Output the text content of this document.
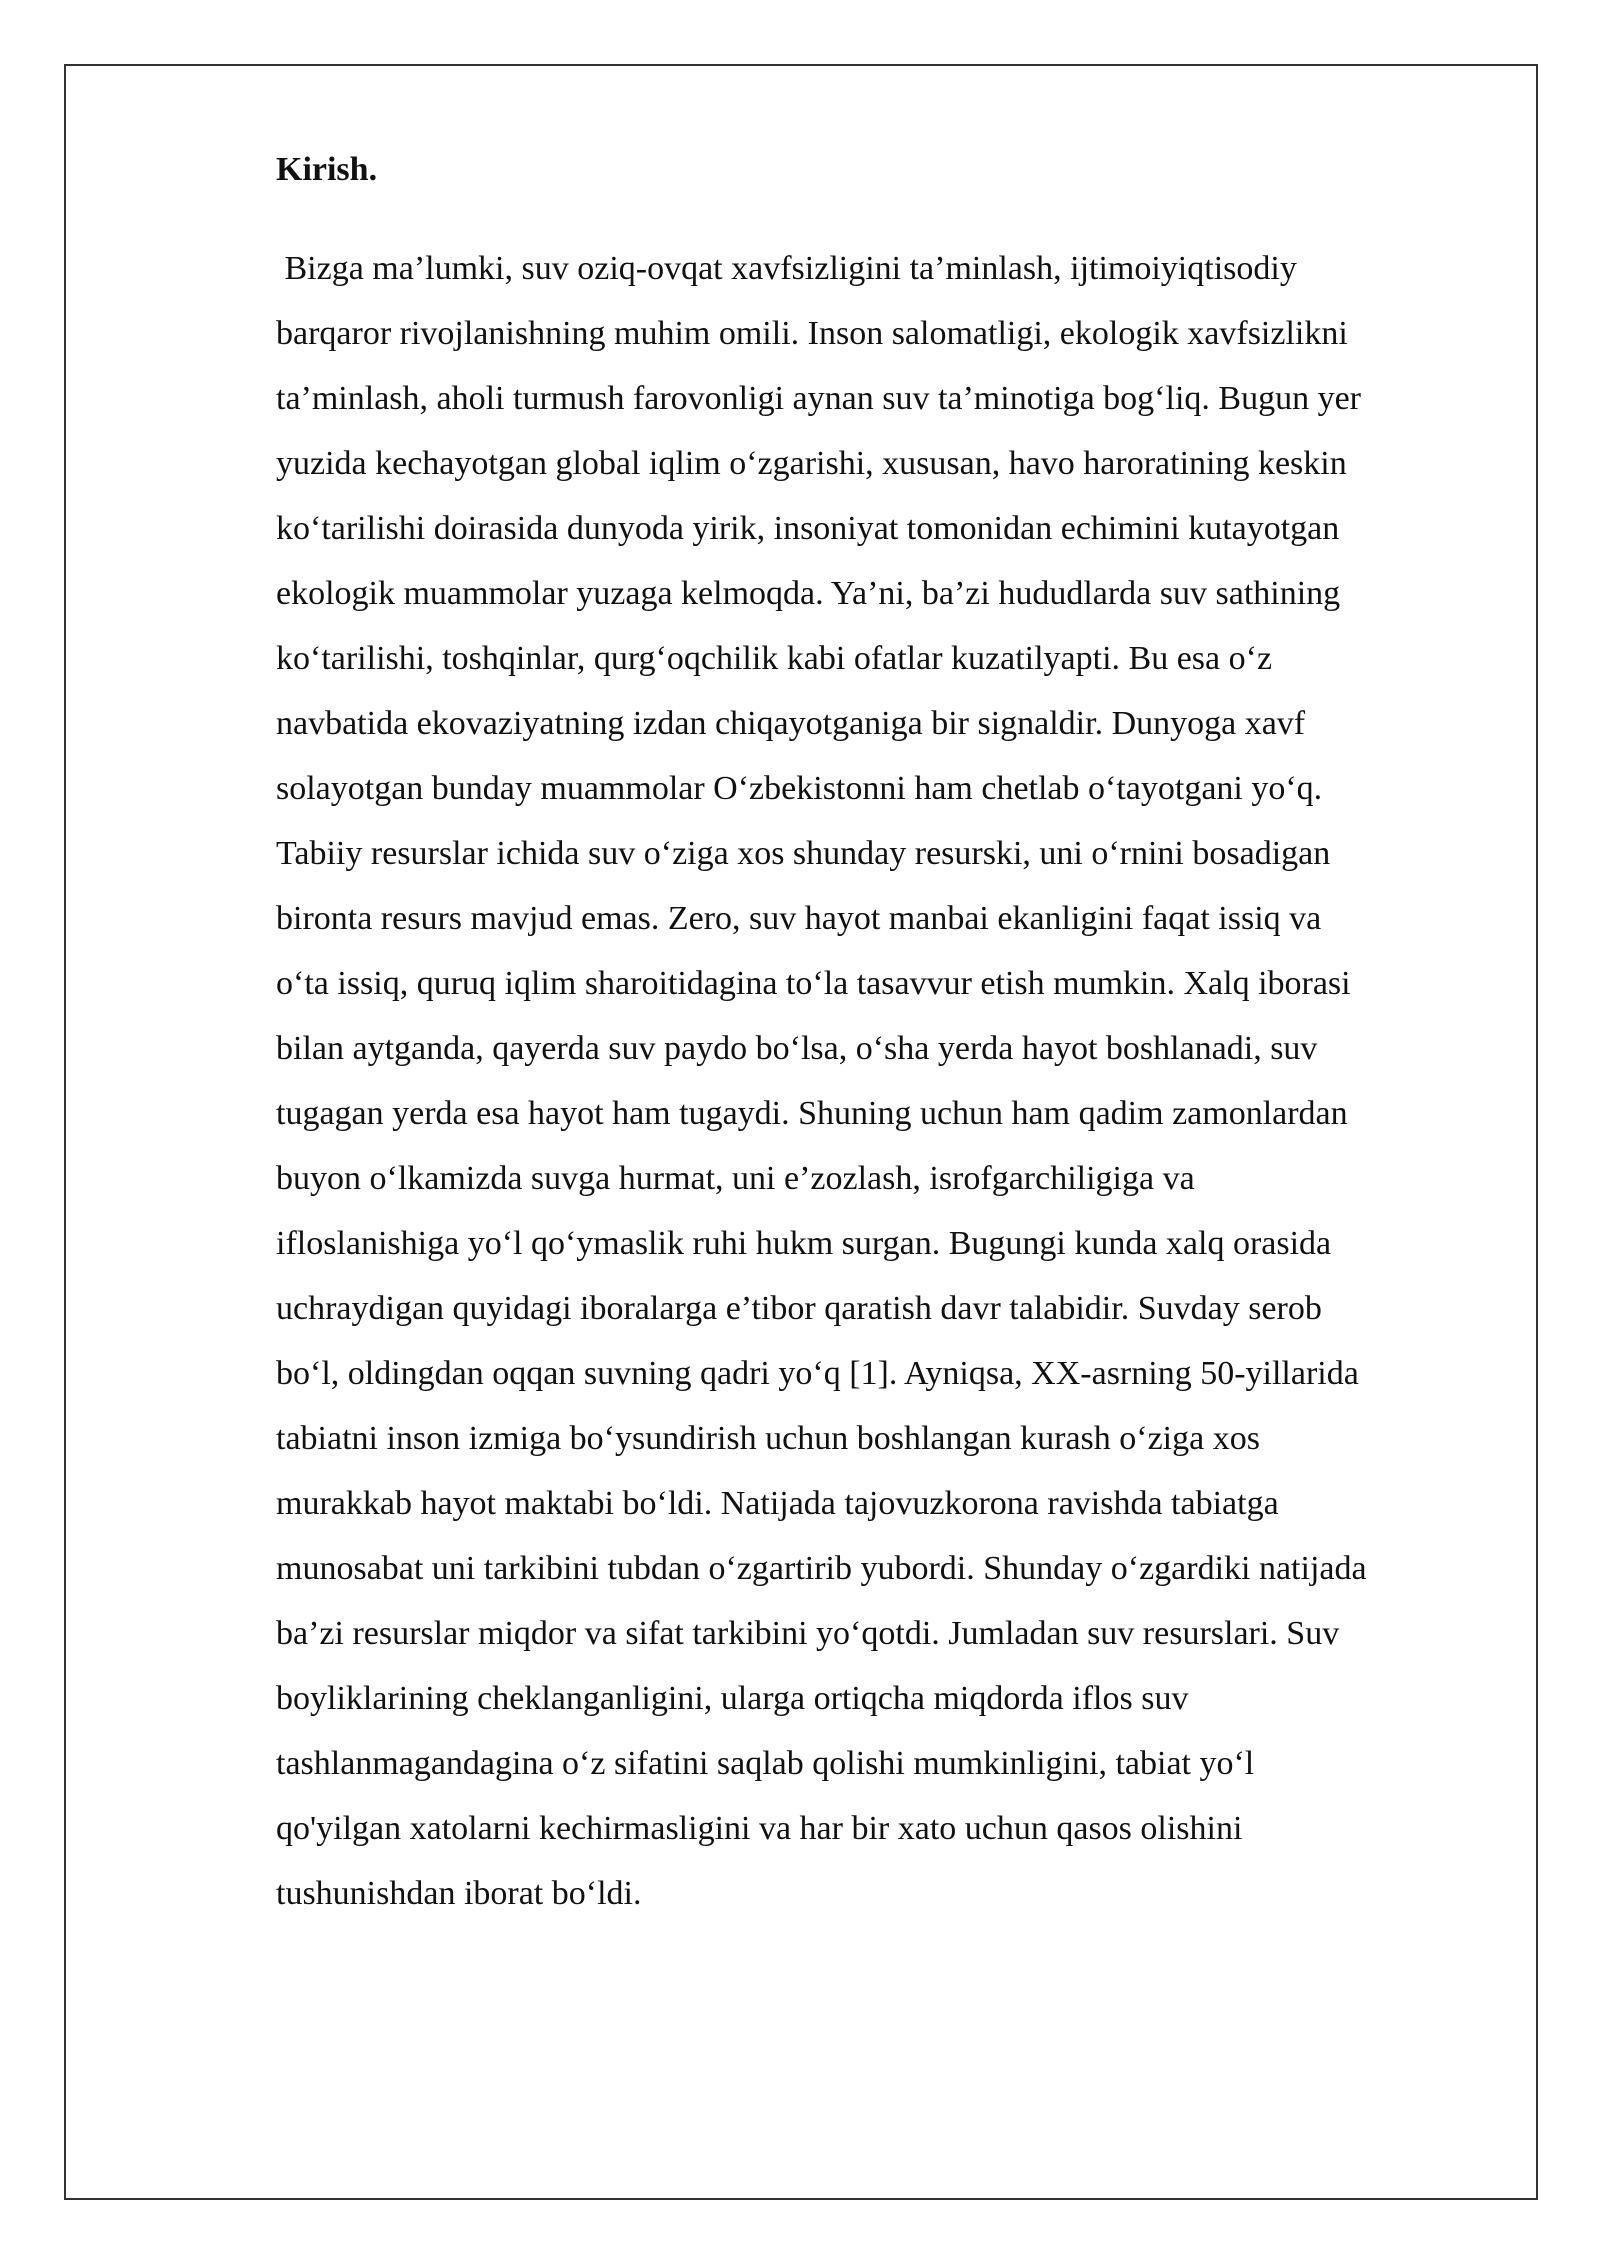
Kirish.
Bizga ma’lumki, suv oziq-ovqat xavfsizligini ta’minlash, ijtimoiyiqtisodiy
barqaror rivojlanishning muhim omili. Inson salomatligi, ekologik xavfsizlikni
ta’minlash, aholi turmush farovonligi aynan suv ta’minotiga bog‘liq. Bugun yer
yuzida kechayotgan global iqlim o‘zgarishi, xususan, havo haroratining keskin
ko‘tarilishi doirasida dunyoda yirik, insoniyat tomonidan echimini kutayotgan
ekologik muammolar yuzaga kelmoqda. Ya’ni, ba’zi hududlarda suv sathining
ko‘tarilishi, toshqinlar, qurg‘oqchilik kabi ofatlar kuzatilyapti. Bu esa o‘z
navbatida ekovaziyatning izdan chiqayotganiga bir signaldir. Dunyoga xavf
solayotgan bunday muammolar O‘zbekistonni ham chetlab o‘tayotgani yo‘q.
Tabiiy resurslar ichida suv o‘ziga xos shunday resurski, uni o‘rnini bosadigan
bironta resurs mavjud emas. Zero, suv hayot manbai ekanligini faqat issiq va
o‘ta issiq, quruq iqlim sharoitidagina to‘la tasavvur etish mumkin. Xalq iborasi
bilan aytganda, qayerda suv paydo bo‘lsa, o‘sha yerda hayot boshlanadi, suv
tugagan yerda esa hayot ham tugaydi. Shuning uchun ham qadim zamonlardan
buyon o‘lkamizda suvga hurmat, uni e’zozlash, isrofgarchiligiga va
ifloslanishiga yo‘l qo‘ymaslik ruhi hukm surgan. Bugungi kunda xalq orasida
uchraydigan quyidagi iboralarga e’tibor qaratish davr talabidir. Suvday serob
bo‘l, oldingdan oqqan suvning qadri yo‘q [1]. Ayniqsa, XX-asrning 50-yillarida
tabiatni inson izmiga bo‘ysundirish uchun boshlangan kurash o‘ziga xos
murakkab hayot maktabi bo‘ldi. Natijada tajovuzkorona ravishda tabiatga
munosabat uni tarkibini tubdan o‘zgartirib yubordi. Shunday o‘zgardiki natijada
ba’zi resurslar miqdor va sifat tarkibini yo‘qotdi. Jumladan suv resurslari. Suv
boyliklarining cheklanganligini, ularga ortiqcha miqdorda iflos suv
tashlanmagandagina o‘z sifatini saqlab qolishi mumkinligini, tabiat yo‘l
qo'yilgan xatolarni kechirmasligini va har bir xato uchun qasos olishini
tushunishdan iborat bo‘ldi.
